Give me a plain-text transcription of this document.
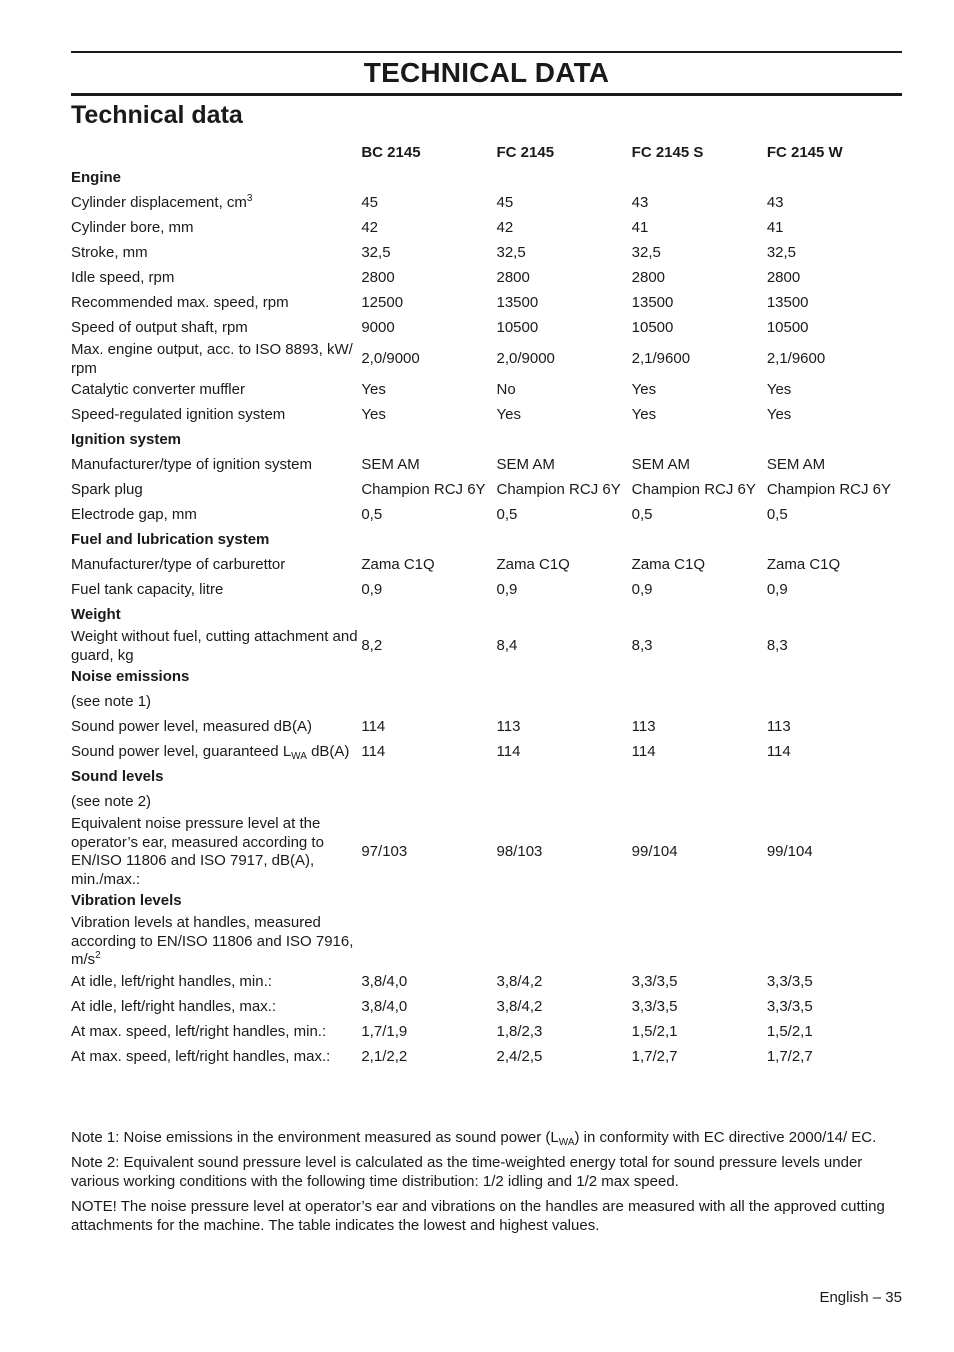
TECHNICAL DATA
Technical data
	BC 2145	FC 2145	FC 2145 S	FC 2145 W
Engine				
Cylinder displacement, $cm^3$	45	45	43	43
Cylinder bore, mm	42	42	41	41
Stroke, mm	32,5	32,5	32,5	32,5
Idle speed, rpm	2800	2800	2800	2800
Recommended max. speed, rpm	12500	13500	13500	13500
Speed of output shaft, rpm	9000	10500	10500	10500
Max. engine output, acc. to ISO 8893, kW/ rpm	2,0/9000	2,0/9000	2,1/9600	2,1/9600
Catalytic converter muffler	Yes	No	Yes	Yes
Speed-regulated ignition system	Yes	Yes	Yes	Yes
Ignition system				
Manufacturer/type of ignition system	SEM AM	SEM AM	SEM AM	SEM AM
Spark plug	Champion RCJ 6Y	Champion RCJ 6Y	Champion RCJ 6Y	Champion RCJ 6Y
Electrode gap, mm	0,5	0,5	0,5	0,5
Fuel and lubrication system				
Manufacturer/type of carburettor	Zama C1Q	Zama C1Q	Zama C1Q	Zama C1Q
Fuel tank capacity, litre	0,9	0,9	0,9	0,9
Weight				
Weight without fuel, cutting attachment and guard, kg	8,2	8,4	8,3	8,3
Noise emissions				
(see note 1)				
Sound power level, measured dB(A)	114	113	113	113
Sound power level, guaranteed $L_{WA}$ dB(A)	114	114	114	114
Sound levels				
(see note 2)				
Equivalent noise pressure level at the operator’s ear, measured according to EN/ISO 11806 and ISO 7917, dB(A), min./max.:	97/103	98/103	99/104	99/104
Vibration levels				
Vibration levels at handles, measured according to EN/ISO 11806 and ISO 7916, $m/s^2$				
At idle, left/right handles, min.:	3,8/4,0	3,8/4,2	3,3/3,5	3,3/3,5
At idle, left/right handles, max.:	3,8/4,0	3,8/4,2	3,3/3,5	3,3/3,5
At max. speed, left/right handles, min.:	1,7/1,9	1,8/2,3	1,5/2,1	1,5/2,1
At max. speed, left/right handles, max.:	2,1/2,2	2,4/2,5	1,7/2,7	1,7/2,7

Note 1: Noise emissions in the environment measured as sound power $(L_{WA})$ in conformity with EC directive 2000/14/ EC.

Note 2: Equivalent sound pressure level is calculated as the time-weighted energy total for sound pressure levels under various working conditions with the following time distribution: 1/2 idling and 1/2 max speed.

NOTE! The noise pressure level at operator’s ear and vibrations on the handles are measured with all the approved cutting attachments for the machine. The table indicates the lowest and highest values.

English – 35
